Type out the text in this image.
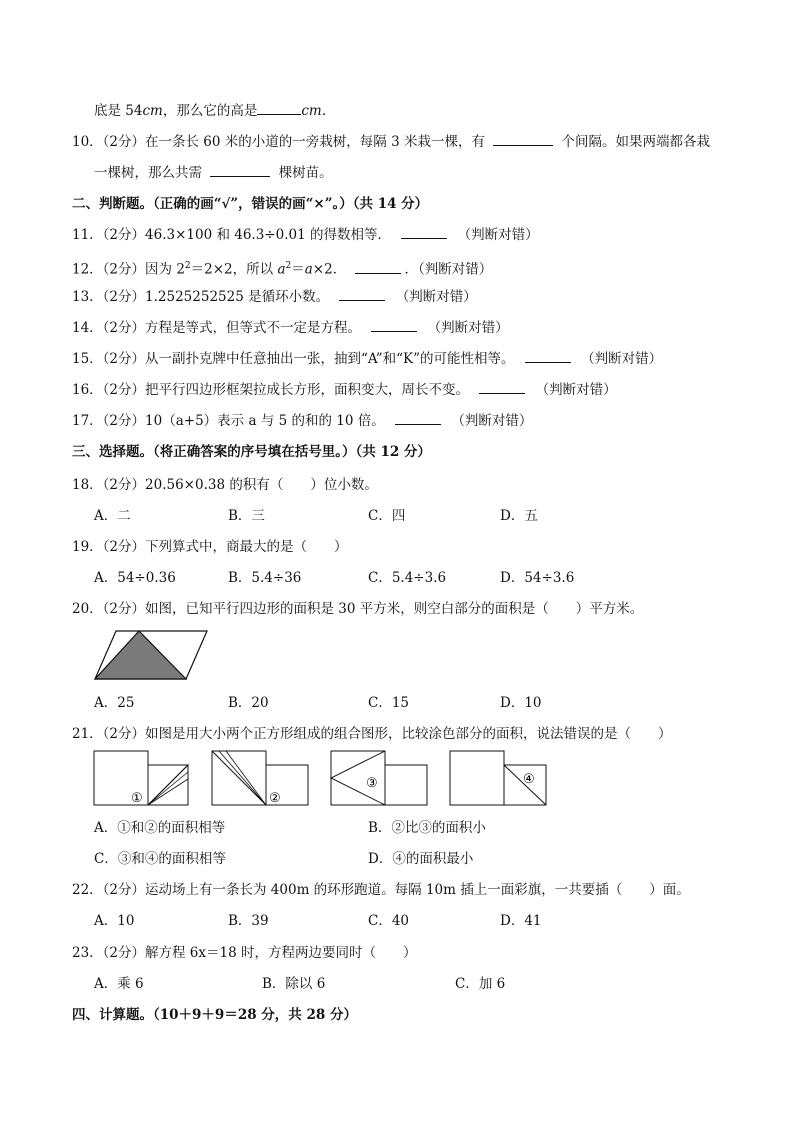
底是 54cm，那么它的高是	cm.
10．（2分）在一条长 60 米的小道的一旁栽树，每隔 3 米栽一棵，有	个间隔。如果两端都各栽
一棵树，那么共需	棵树苗。
二、判断题。（正确的画“√”，错误的画“×”。）（共 14 分）
11．（2分）46.3×100 和 46.3÷0.01 的得数相等．	（判断对错）
12．（2分）因为 $2^2=2\times 2$，所以 $a^2=a\times 2$．	．（判断对错）
13．（2分）1.2525252525 是循环小数。	（判断对错）
14．（2分）方程是等式，但等式不一定是方程。	（判断对错）
15．（2分）从一副扑克牌中任意抽出一张，抽到“A”和“K”的可能性相等。	（判断对错）
16．（2分）把平行四边形框架拉成长方形，面积变大，周长不变。	（判断对错）
17．（2分）10（a+5）表示 a 与 5 的和的 10 倍。	（判断对错）
三、选择题。（将正确答案的序号填在括号里。）（共 12 分）
18．（2分）20.56×0.38 的积有（　　）位小数。
A．二	B．三	C．四	D．五
19．（2分）下列算式中，商最大的是（　　）
A．54÷0.36	B．5.4÷36	C．5.4÷3.6	D．54÷3.6
20．（2分）如图，已知平行四边形的面积是 30 平方米，则空白部分的面积是（　　）平方米。
A．25	B．20	C．15	D．10
21．（2分）如图是用大小两个正方形组成的组合图形，比较涂色部分的面积，说法错误的是（　　）
①	②
③	④
A．①和②的面积相等	B．②比③的面积小
C．③和④的面积相等	D．④的面积最小
22．（2分）运动场上有一条长为 400m 的环形跑道。每隔 10m 插上一面彩旗，一共要插（　　）面。
A．10	B．39	C．40	D．41
23．（2分）解方程 6x＝18 时，方程两边要同时（　　）
A．乘 6	B．除以 6	C．加 6
四、计算题。（10＋9＋9＝28 分，共 28 分）
